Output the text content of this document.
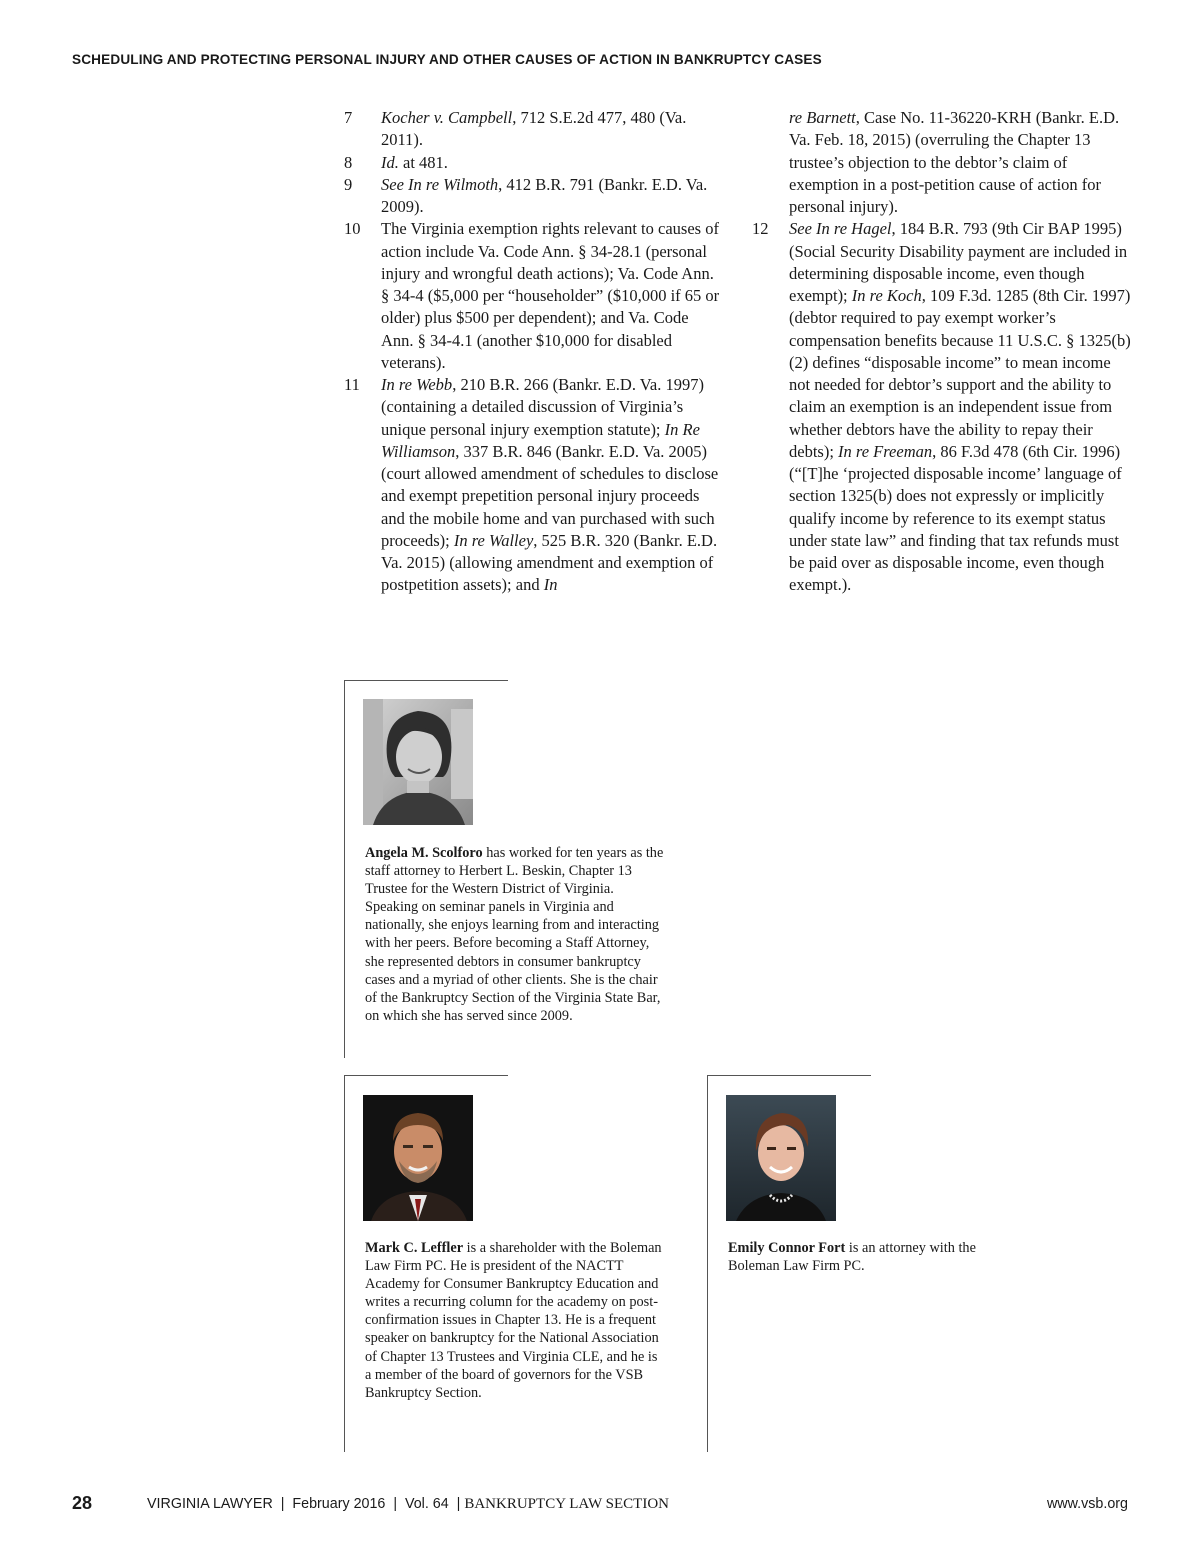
SCHEDULING AND PROTECTING PERSONAL INJURY AND OTHER CAUSES OF ACTION IN BANKRUPTCY CASES
7 Kocher v. Campbell, 712 S.E.2d 477, 480 (Va. 2011).
8 Id. at 481.
9 See In re Wilmoth, 412 B.R. 791 (Bankr. E.D. Va. 2009).
10 The Virginia exemption rights relevant to causes of action include Va. Code Ann. § 34-28.1 (personal injury and wrongful death actions); Va. Code Ann. § 34-4 ($5,000 per “householder” ($10,000 if 65 or older) plus $500 per dependent); and Va. Code Ann. § 34-4.1 (another $10,000 for disabled veterans).
11 In re Webb, 210 B.R. 266 (Bankr. E.D. Va. 1997) (containing a detailed discussion of Virginia’s unique personal injury exemption statute); In Re Williamson, 337 B.R. 846 (Bankr. E.D. Va. 2005) (court allowed amendment of schedules to disclose and exempt prepetition personal injury proceeds and the mobile home and van purchased with such proceeds); In re Walley, 525 B.R. 320 (Bankr. E.D. Va. 2015) (allowing amendment and exemption of postpetition assets); and In
re Barnett, Case No. 11-36220-KRH (Bankr. E.D. Va. Feb. 18, 2015) (overruling the Chapter 13 trustee’s objection to the debtor’s claim of exemption in a post-petition cause of action for personal injury).
12 See In re Hagel, 184 B.R. 793 (9th Cir BAP 1995) (Social Security Disability payment are included in determining disposable income, even though exempt); In re Koch, 109 F.3d. 1285 (8th Cir. 1997) (debtor required to pay exempt worker’s compensation benefits because 11 U.S.C. § 1325(b)(2) defines “disposable income” to mean income not needed for debtor’s support and the ability to claim an exemption is an independent issue from whether debtors have the ability to repay their debts); In re Freeman, 86 F.3d 478 (6th Cir. 1996) (“[T]he ‘projected disposable income’ language of section 1325(b) does not expressly or implicitly qualify income by reference to its exempt status under state law” and finding that tax refunds must be paid over as disposable income, even though exempt.).
Angela M. Scolforo has worked for ten years as the staff attorney to Herbert L. Beskin, Chapter 13 Trustee for the Western District of Virginia. Speaking on seminar panels in Virginia and nationally, she enjoys learning from and interacting with her peers. Before becoming a Staff Attorney, she represented debtors in consumer bankruptcy cases and a myriad of other clients. She is the chair of the Bankruptcy Section of the Virginia State Bar, on which she has served since 2009.
Mark C. Leffler is a shareholder with the Boleman Law Firm PC. He is president of the NACTT Academy for Consumer Bankruptcy Education and writes a recurring column for the academy on post-confirmation issues in Chapter 13. He is a frequent speaker on bankruptcy for the National Association of Chapter 13 Trustees and Virginia CLE, and he is a member of the board of governors for the VSB Bankruptcy Section.
Emily Connor Fort is an attorney with the Boleman Law Firm PC.
28	VIRGINIA LAWYER  |  February 2016  |  Vol. 64  | BANKRUPTCY LAW SECTION	www.vsb.org
